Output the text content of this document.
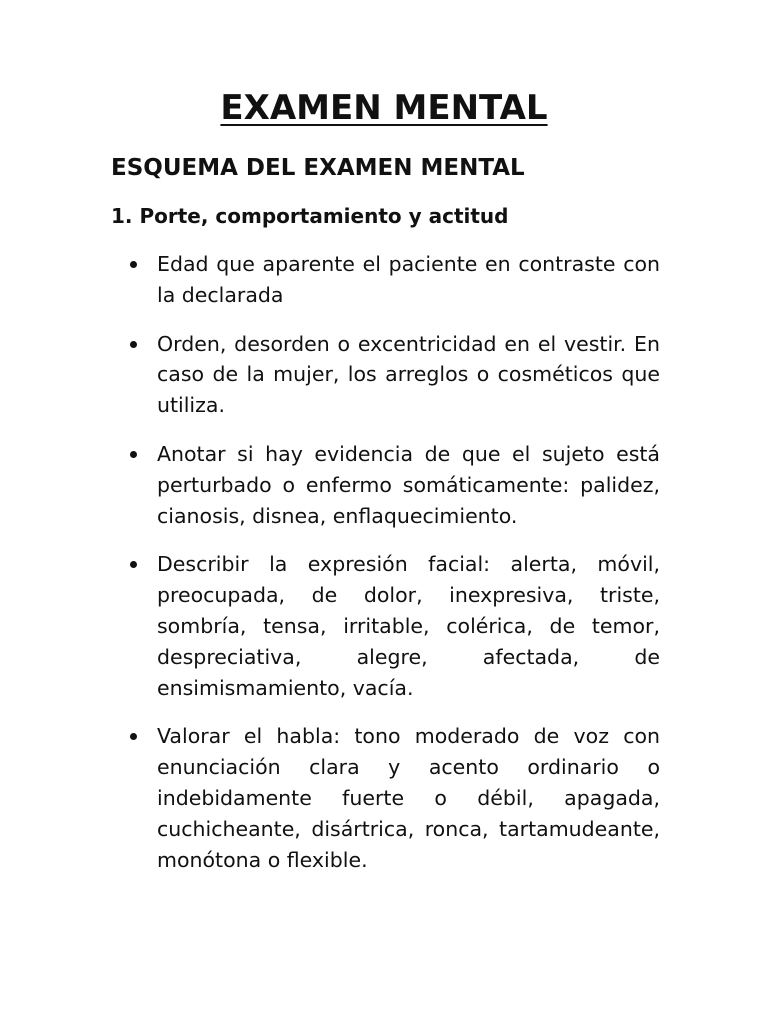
EXAMEN MENTAL
ESQUEMA DEL EXAMEN MENTAL
1. Porte, comportamiento y actitud
Edad que aparente el paciente en contraste con la declarada
Orden, desorden o excentricidad en el vestir. En caso de la mujer, los arreglos o cosméticos que utiliza.
Anotar si hay evidencia de que el sujeto está perturbado o enfermo somáticamente: palidez, cianosis, disnea, enflaquecimiento.
Describir la expresión facial: alerta, móvil, preocupada, de dolor, inexpresiva, triste, sombría, tensa, irritable, colérica, de temor, despreciativa, alegre, afectada, de ensimismamiento, vacía.
Valorar el habla: tono moderado de voz con enunciación clara y acento ordinario o indebidamente fuerte o débil, apagada, cuchicheante, disártrica, ronca, tartamudeante, monótona o flexible.
